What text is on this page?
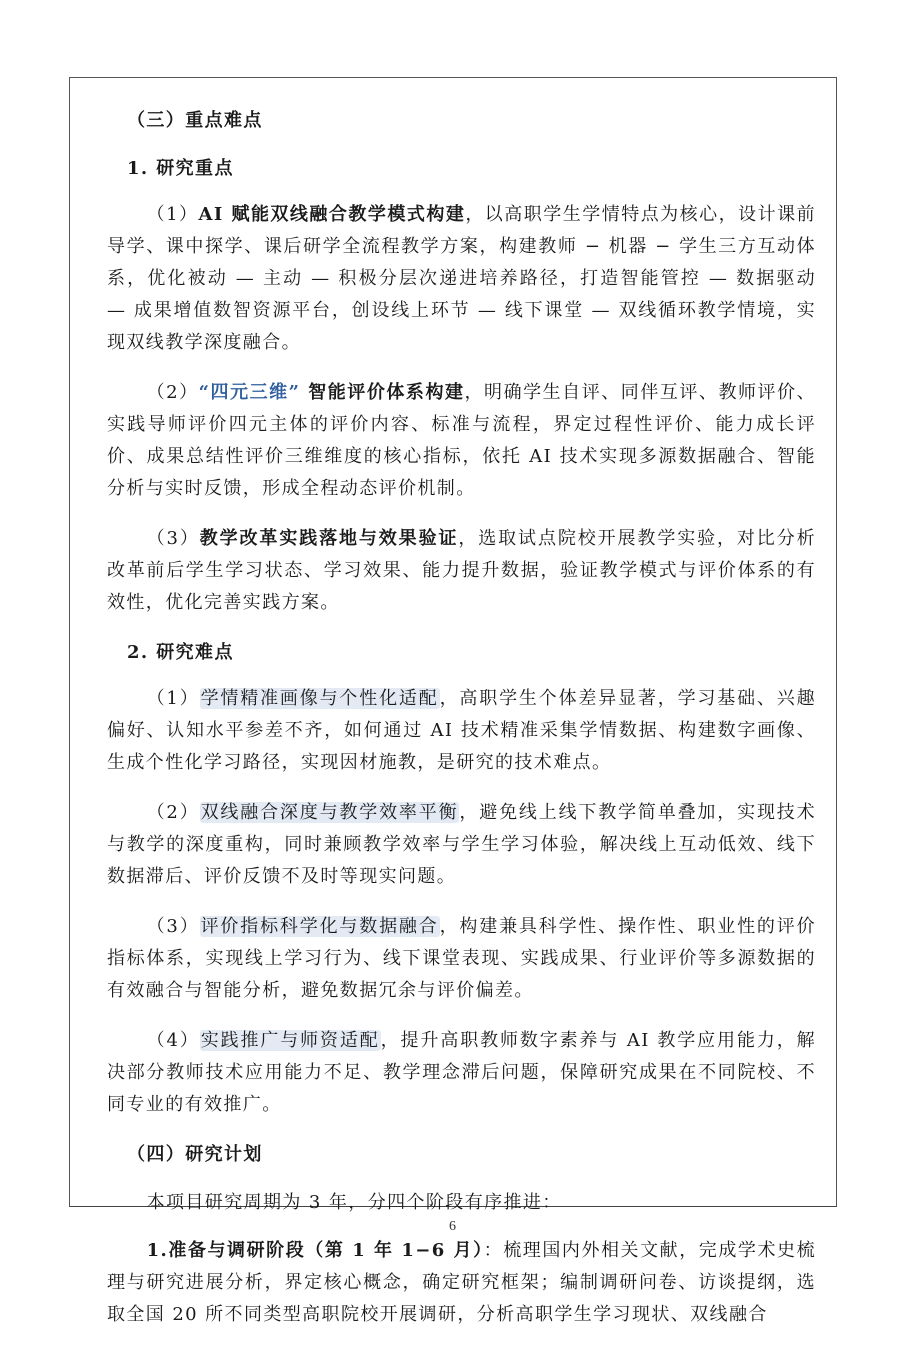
（三）重点难点
1. 研究重点

（1）AI 赋能双线融合教学模式构建，以高职学生学情特点为核心，设计课前导学、课中探学、课后研学全流程教学方案，构建教师 − 机器 − 学生三方互动体系，优化被动 — 主动 — 积极分层次递进培养路径，打造智能管控 — 数据驱动 — 成果增值数智资源平台，创设线上环节 — 线下课堂 — 双线循环教学情境，实现双线教学深度融合。

（2）“四元三维” 智能评价体系构建，明确学生自评、同伴互评、教师评价、实践导师评价四元主体的评价内容、标准与流程，界定过程性评价、能力成长评价、成果总结性评价三维维度的核心指标，依托 AI 技术实现多源数据融合、智能分析与实时反馈，形成全程动态评价机制。

（3）教学改革实践落地与效果验证，选取试点院校开展教学实验，对比分析改革前后学生学习状态、学习效果、能力提升数据，验证教学模式与评价体系的有效性，优化完善实践方案。

2. 研究难点

（1）学情精准画像与个性化适配，高职学生个体差异显著，学习基础、兴趣偏好、认知水平参差不齐，如何通过 AI 技术精准采集学情数据、构建数字画像、生成个性化学习路径，实现因材施教，是研究的技术难点。

（2）双线融合深度与教学效率平衡，避免线上线下教学简单叠加，实现技术与教学的深度重构，同时兼顾教学效率与学生学习体验，解决线上互动低效、线下数据滞后、评价反馈不及时等现实问题。

（3）评价指标科学化与数据融合，构建兼具科学性、操作性、职业性的评价指标体系，实现线上学习行为、线下课堂表现、实践成果、行业评价等多源数据的有效融合与智能分析，避免数据冗余与评价偏差。

（4）实践推广与师资适配，提升高职教师数字素养与 AI 教学应用能力，解决部分教师技术应用能力不足、教学理念滞后问题，保障研究成果在不同院校、不同专业的有效推广。

（四）研究计划

本项目研究周期为 3 年，分四个阶段有序推进：

1.准备与调研阶段（第 1 年 1−6 月）：梳理国内外相关文献，完成学术史梳理与研究进展分析，界定核心概念，确定研究框架；编制调研问卷、访谈提纲，选取全国 20 所不同类型高职院校开展调研，分析高职学生学习现状、双线融合

6
